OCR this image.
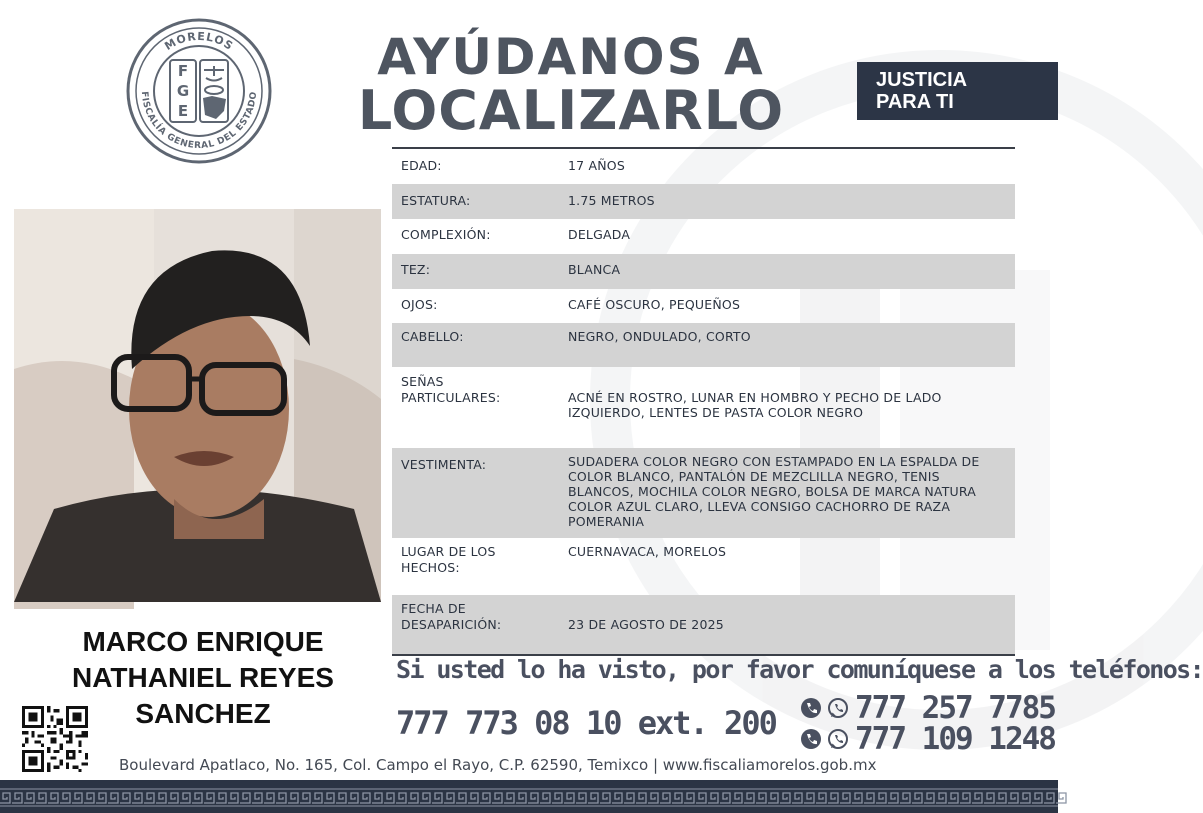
MORELOS
FISCALÍA GENERAL DEL ESTADO
F
G
E
AYÚDANOS A
LOCALIZARLO	JUSTICIA
PARA TI
MARCO ENRIQUE
NATHANIEL REYES
SANCHEZ
EDAD:	17 AÑOS
ESTATURA:	1.75 METROS
COMPLEXIÓN:	DELGADA
TEZ:	BLANCA
OJOS:	CAFÉ OSCURO, PEQUEÑOS
CABELLO:	NEGRO, ONDULADO, CORTO
SEÑAS
PARTICULARES:	ACNÉ EN ROSTRO, LUNAR EN HOMBRO Y PECHO DE LADO IZQUIERDO, LENTES DE PASTA COLOR NEGRO
VESTIMENTA:	SUDADERA COLOR NEGRO CON ESTAMPADO EN LA ESPALDA DE COLOR BLANCO, PANTALÓN DE MEZCLILLA NEGRO, TENIS BLANCOS, MOCHILA COLOR NEGRO, BOLSA DE MARCA NATURA COLOR AZUL CLARO, LLEVA CONSIGO CACHORRO DE RAZA POMERANIA
LUGAR DE LOS
HECHOS:
CUERNAVACA, MORELOS
FECHA DE
DESAPARICIÓN:	23 DE AGOSTO DE 2025
Si usted lo ha visto, por favor comuníquese a los teléfonos:
777 773 08 10 ext. 200	777 257 7785
777 109 1248
Boulevard Apatlaco, No. 165, Col. Campo el Rayo, C.P. 62590, Temixco | www.fiscaliamorelos.gob.mx
